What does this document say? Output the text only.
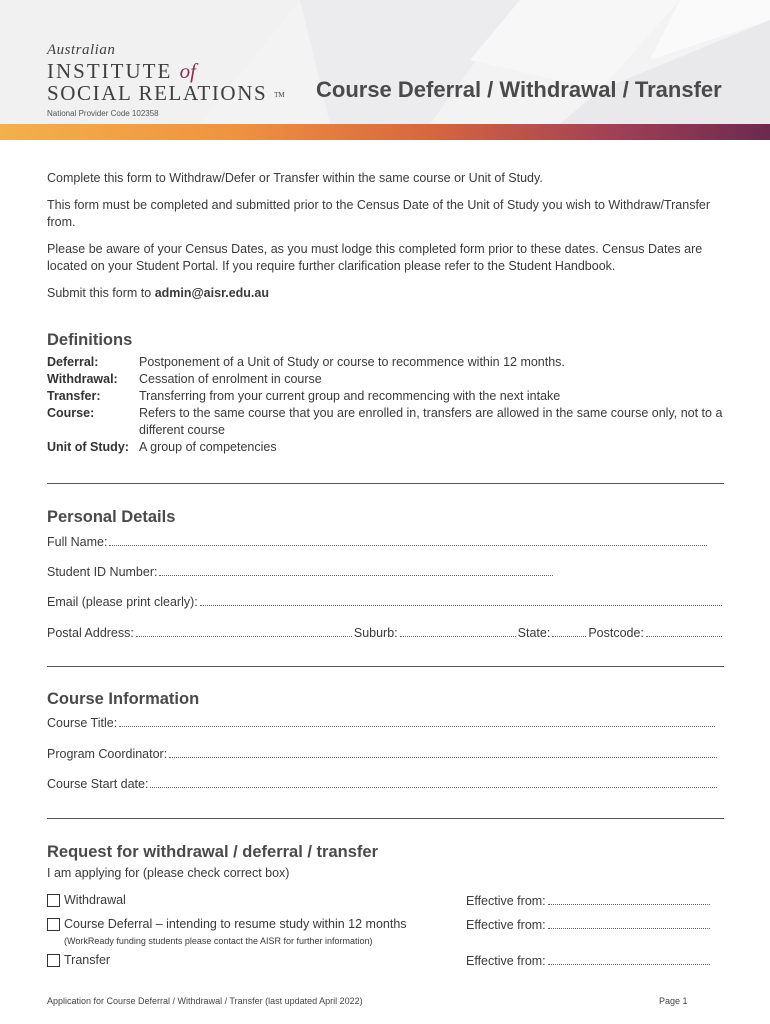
Australian
INSTITUTE of
SOCIAL RELATIONS TM
National Provider Code 102358
Course Deferral / Withdrawal / Transfer

Complete this form to Withdraw/Defer or Transfer within the same course or Unit of Study.

This form must be completed and submitted prior to the Census Date of the Unit of Study you wish to Withdraw/Transfer from.

Please be aware of your Census Dates, as you must lodge this completed form prior to these dates. Census Dates are located on your Student Portal. If you require further clarification please refer to the Student Handbook.

Submit this form to admin@aisr.edu.au

Definitions
Deferral:	Postponement of a Unit of Study or course to recommence within 12 months.
Withdrawal:	Cessation of enrolment in course
Transfer:	Transferring from your current group and recommencing with the next intake
Course:	Refers to the same course that you are enrolled in, transfers are allowed in the same course only, not to a different course
Unit of Study: A group of competencies
Personal Details
Full Name:
Student ID Number:
Email (please print clearly):
Postal Address:	Suburb:	State:	Postcode:
Course Information
Course Title:
Program Coordinator:
Course Start date:
Request for withdrawal / deferral / transfer
I am applying for (please check correct box)
Withdrawal	Effective from:
Course Deferral – intending to resume study within 12 months	Effective from:
(WorkReady funding students please contact the AISR for further information)
Transfer	Effective from:
Application for Course Deferral / Withdrawal / Transfer (last updated April 2022)	Page 1
